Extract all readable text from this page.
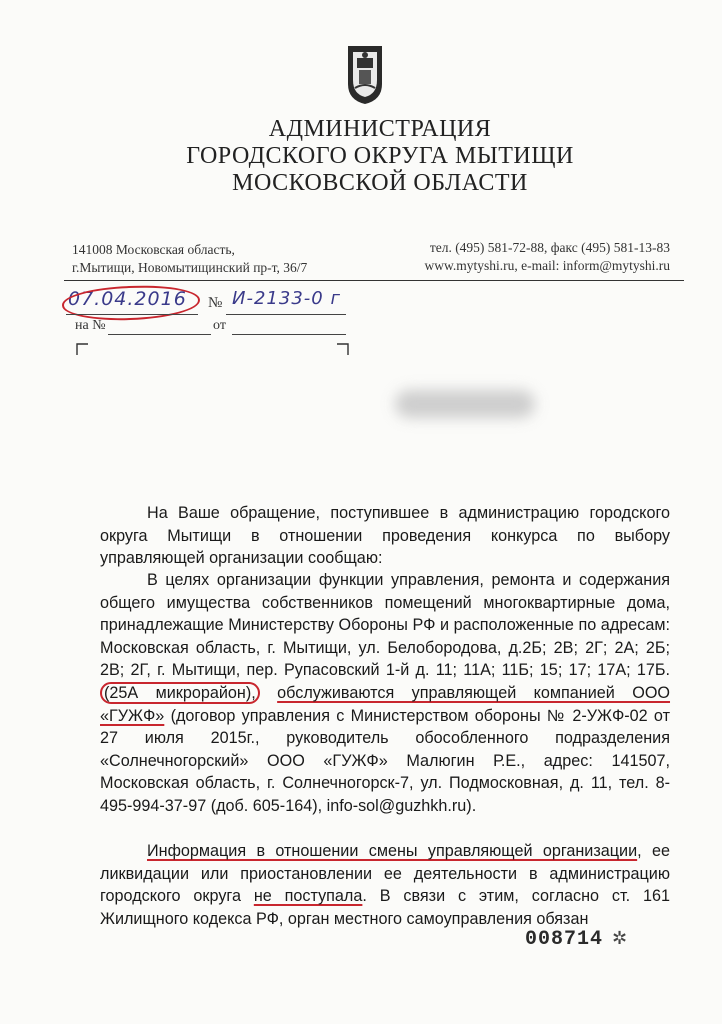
АДМИНИСТРАЦИЯ
ГОРОДСКОГО ОКРУГА МЫТИЩИ
МОСКОВСКОЙ ОБЛАСТИ
141008 Московская область,
г.Мытищи, Новомытищинский пр-т, 36/7
тел. (495) 581-72-88, факс (495) 581-13-83
www.mytyshi.ru, e-mail: inform@mytyshi.ru
07.04.2016 № И-2133-0 г
на №	от

На Ваше обращение, поступившее в администрацию городского округа Мытищи в отношении проведения конкурса по выбору управляющей организации сообщаю:

В целях организации функции управления, ремонта и содержания общего имущества собственников помещений многоквартирные дома, принадлежащие Министерству Обороны РФ и расположенные по адресам: Московская область, г. Мытищи, ул. Белобородова, д.2Б; 2В; 2Г; 2А; 2Б; 2В; 2Г, г. Мытищи, пер. Рупасовский 1-й д. 11; 11А; 11Б; 15; 17; 17А; 17Б. (25А микрорайон), обслуживаются управляющей компанией ООО «ГУЖФ» (договор управления с Министерством обороны № 2-УЖФ-02 от 27 июля 2015г., руководитель обособленного подразделения «Солнечногорский» ООО «ГУЖФ» Малюгин Р.Е., адрес: 141507, Московская область, г. Солнечногорск-7, ул. Подмосковная, д. 11, тел. 8-495-994-37-97 (доб. 605-164), info-sol@guzhkh.ru).

Информация в отношении смены управляющей организации, ее ликвидации или приостановлении ее деятельности в администрацию городского округа не поступала. В связи с этим, согласно ст. 161 Жилищного кодекса РФ, орган местного самоуправления обязан

008714 ✲
